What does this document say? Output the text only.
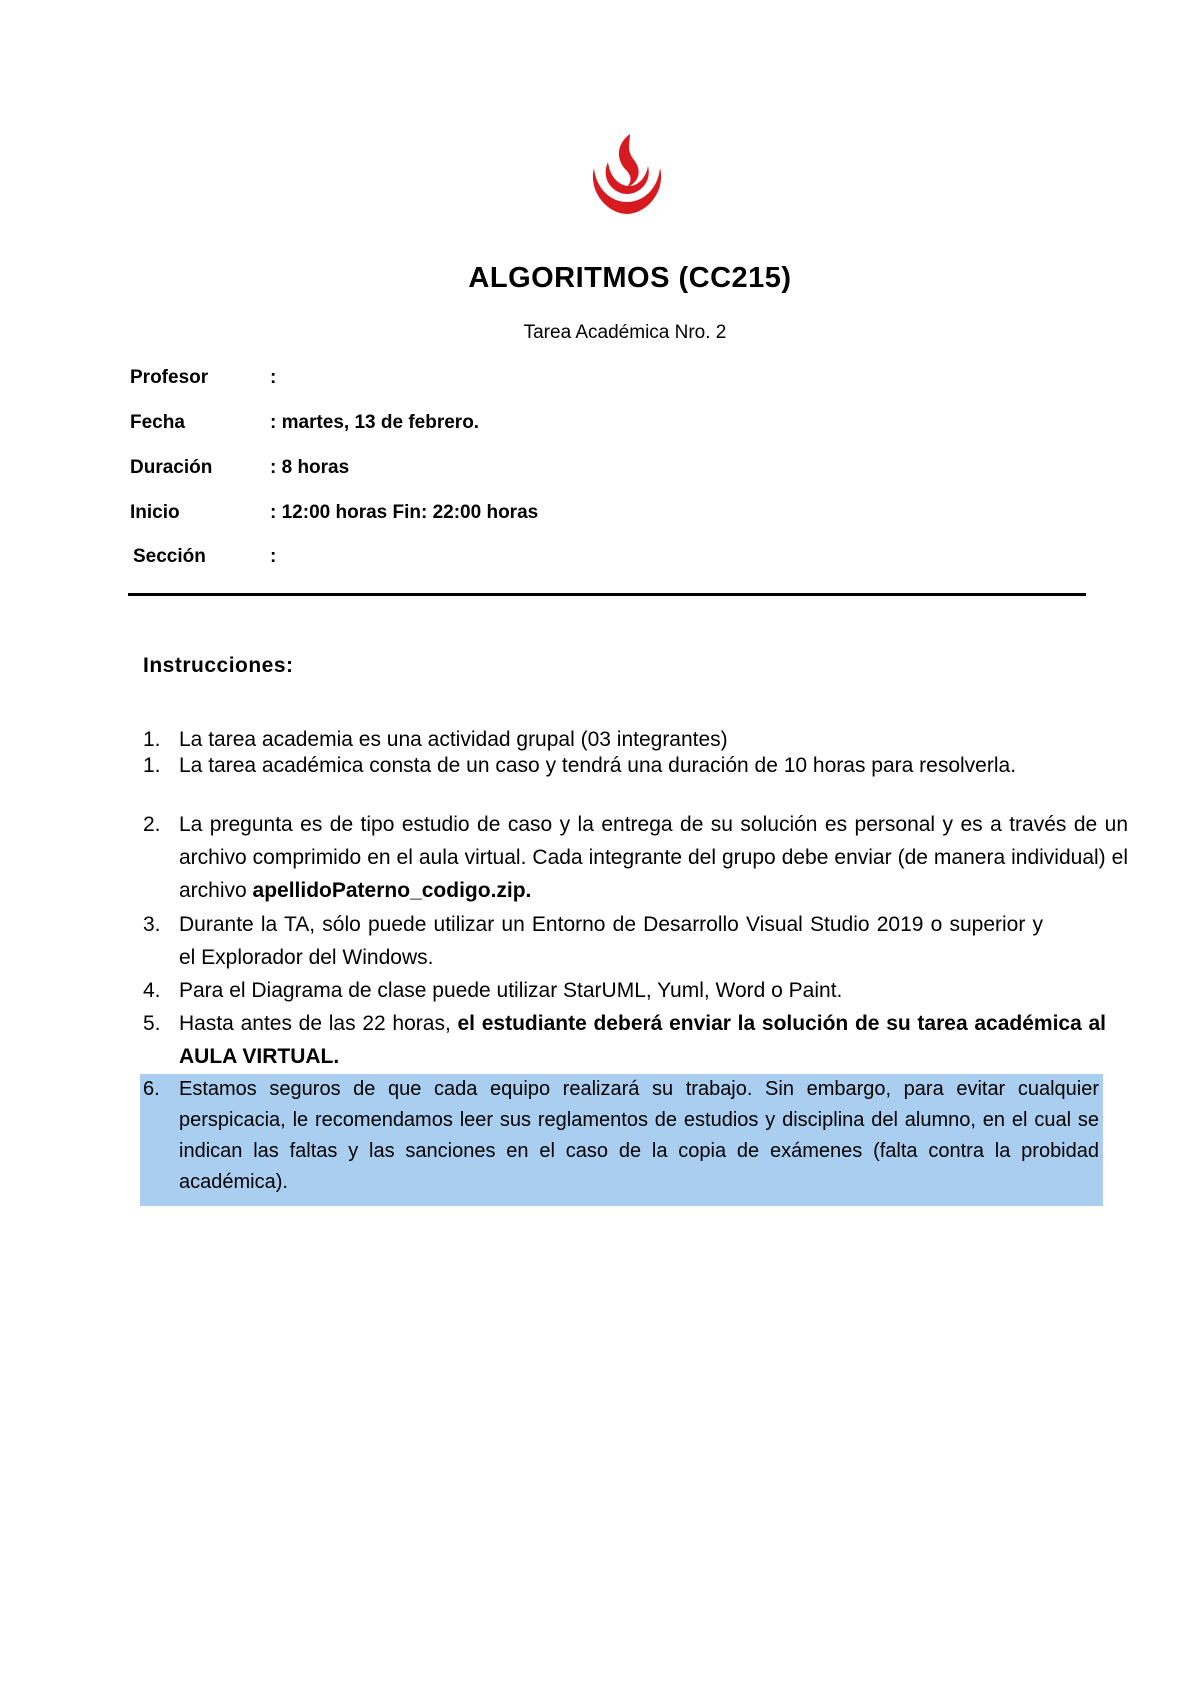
ALGORITMOS (CC215)
Tarea Académica Nro. 2
Profesor	:
Fecha	: martes, 13 de febrero.
Duración	: 8 horas
Inicio	: 12:00 horas Fin: 22:00 horas
Sección	:
Instrucciones:
1. La tarea academia es una actividad grupal (03 integrantes)
1. La tarea académica consta de un caso y tendrá una duración de 10 horas para resolverla.
2. La pregunta es de tipo estudio de caso y la entrega de su solución es personal y es a través de un archivo comprimido en el aula virtual. Cada integrante del grupo debe enviar (de manera individual) el archivo apellidoPaterno_codigo.zip.
3. Durante la TA, sólo puede utilizar un Entorno de Desarrollo Visual Studio 2019 o superior y el Explorador del Windows.
4. Para el Diagrama de clase puede utilizar StarUML, Yuml, Word o Paint.
5. Hasta antes de las 22 horas, el estudiante deberá enviar la solución de su tarea académica al AULA VIRTUAL.
6. Estamos seguros de que cada equipo realizará su trabajo. Sin embargo, para evitar cualquier perspicacia, le recomendamos leer sus reglamentos de estudios y disciplina del alumno, en el cual se indican las faltas y las sanciones en el caso de la copia de exámenes (falta contra la probidad académica).
